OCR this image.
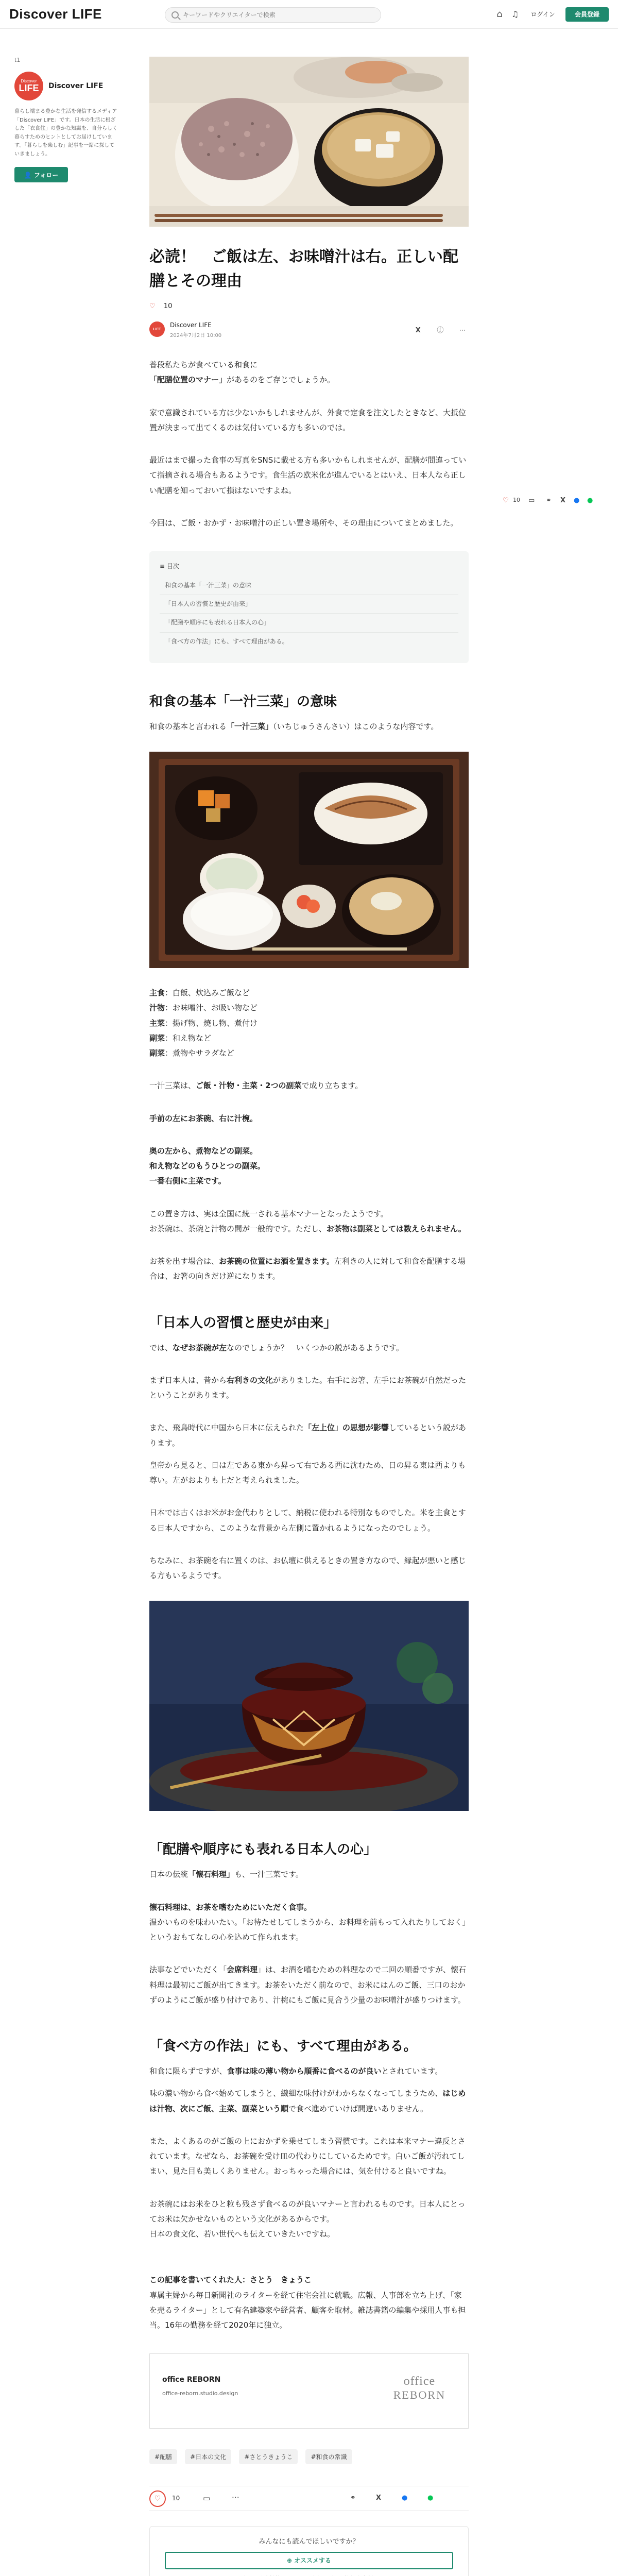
Discover LIFE
キーワードやクリエイターで検索	⌂ ♫	ログイン	会員登録
t1
Discover
LIFE Discover LIFE
暮らし端まる豊かな生活を発信するメディア「Discover LIFE」です。日本の生活に根ざした「衣食住」の豊かな知識を、自分らしく暮らすためのヒントとしてお届けしています。「暮らしを楽しむ」記事を一緒に探していきましょう。
👤 フォロー
♡ 10 ▭ ⚭ X ● ●
必読！　ご飯は左、お味噌汁は右。正しい配膳とその理由
♡ 10
LIFE
Discover LIFE
2024年7月2日 10:00
X ⓕ ⋯

普段私たちが食べている和食に
「配膳位置のマナー」があるのをご存じでしょうか。

家で意識されている方は少ないかもしれませんが、外食で定食を注文したときなど、大抵位置が決まって出てくるのは気付いている方も多いのでは。

最近はまで撮った食事の写真をSNSに載せる方も多いかもしれませんが、配膳が間違っていて指摘される場合もあるようです。食生活の欧米化が進んでいるとはいえ、日本人なら正しい配膳を知っておいて損はないですよね。

今回は、ご飯・おかず・お味噌汁の正しい置き場所や、その理由についてまとめました。

≡ 目次
和食の基本「一汁三菜」の意味
「日本人の習慣と歴史が由来」
「配膳や順序にも表れる日本人の心」
「食べ方の作法」にも、すべて理由がある。
和食の基本「一汁三菜」の意味

和食の基本と言われる「一汁三菜」（いちじゅうさんさい）はこのような内容です。

主食：白飯、炊込みご飯など
汁物：お味噌汁、お吸い物など
主菜：揚げ物、焼し物、煮付け
副菜：和え物など
副菜：煮物やサラダなど

一汁三菜は、ご飯・汁物・主菜・2つの副菜で成り立ちます。

手前の左にお茶碗、右に汁椀。

奥の左から、煮物などの副菜。
和え物などのもうひとつの副菜。
一番右側に主菜です。

この置き方は、実は全国に統一される基本マナーとなったようです。
お茶碗は、茶碗と汁物の間が一般的です。ただし、お茶物は副菜としては数えられません。

お茶を出す場合は、お茶碗の位置にお酒を置きます。左利きの人に対して和食を配膳する場合は、お箸の向きだけ逆になります。

「日本人の習慣と歴史が由来」

では、なぜお茶碗が左なのでしょうか？　いくつかの説があるようです。

まず日本人は、昔から右利きの文化がありました。右手にお箸、左手にお茶碗が自然だったということがあります。

また、飛鳥時代に中国から日本に伝えられた「左上位」の思想が影響しているという説があります。

皇帝から見ると、日は左である東から昇って右である西に沈むため、日の昇る東は西よりも尊い。左がおよりも上だと考えられました。

日本では古くはお米がお金代わりとして、納税に使われる特別なものでした。米を主食とする日本人ですから、このような背景から左側に置かれるようになったのでしょう。

ちなみに、お茶碗を右に置くのは、お仏壇に供えるときの置き方なので、縁起が悪いと感じる方もいるようです。

「配膳や順序にも表れる日本人の心」

日本の伝統「懐石料理」も、一汁三菜です。

懐石料理は、お茶を嗜むためにいただく食事。
温かいものを味わいたい。「お待たせしてしまうから、お料理を前もって入れたりしておく」というおもてなしの心を込めて作られます。

法事などでいただく「会席料理」は、お酒を嗜むための料理なので二回の順番ですが、懐石料理は最初にご飯が出てきます。お茶をいただく前なので、お米にはんのご飯、三口のおかずのようにご飯が盛り付けであり、汁椀にもご飯に見合う少量のお味噌汁が盛りつけます。

「食べ方の作法」にも、すべて理由がある。

和食に限らずですが、食事は味の薄い物から順番に食べるのが良いとされています。

味の濃い物から食べ始めてしまうと、繊細な味付けがわからなくなってしまうため、はじめは汁物、次にご飯、主菜、副菜という順で食べ進めていけば間違いありません。

また、よくあるのがご飯の上におかずを乗せてしまう習慣です。これは本来マナー違反とされています。なぜなら、お茶碗を受け皿の代わりにしているためです。白いご飯が汚れてしまい、見た目も美しくありません。おっちゃった場合には、気を付けると良いですね。

お茶碗にはお米をひと粒も残さず食べるのが良いマナーと言われるものです。日本人にとってお米は欠かせないものという文化があるからです。
日本の食文化、若い世代へも伝えていきたいですね。

この記事を書いてくれた人：さとう　きょうこ
専属主婦から毎日新聞社のライターを経て住宅会社に就職。広報、人事部を立ち上げ、「家を売るライター」として有名建築家や経営者、顧客を取材。雑誌書籍の編集や採用人事も担当。16年の勤務を経て2020年に独立。

office REBORN
office-reborn.studio.design
office
REBORN
#配膳	#日本の文化	#さとうきょうこ	#和食の常識
♡	10	▭	⋯	⚭	X	●	●
みんなにも読んでほしいですか？
⊕ オススメする
